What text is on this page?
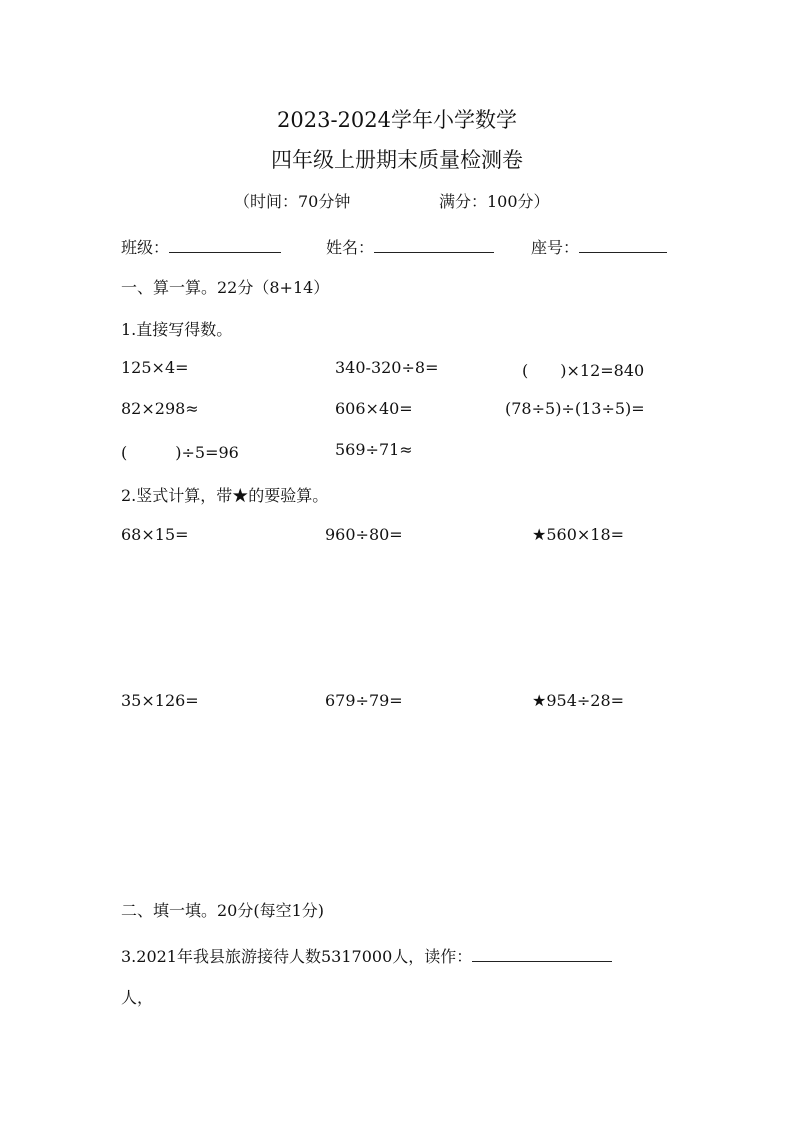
2023-2024学年小学数学
四年级上册期末质量检测卷
（时间：70分钟	满分：100分）
班级：	姓名：	座号：
一、算一算。22分（8+14）
1.直接写得数。
125×4=	340-320÷8=	(　　)×12=840
82×298≈	606×40=	(78÷5)÷(13÷5)=
(　　　)÷5=96	569÷71≈
2.竖式计算，带★的要验算。
68×15=	960÷80=	★560×18=
35×126=	679÷79=	★954÷28=
二、填一填。20分(每空1分)
3.2021年我县旅游接待人数5317000人，读作：
人，
